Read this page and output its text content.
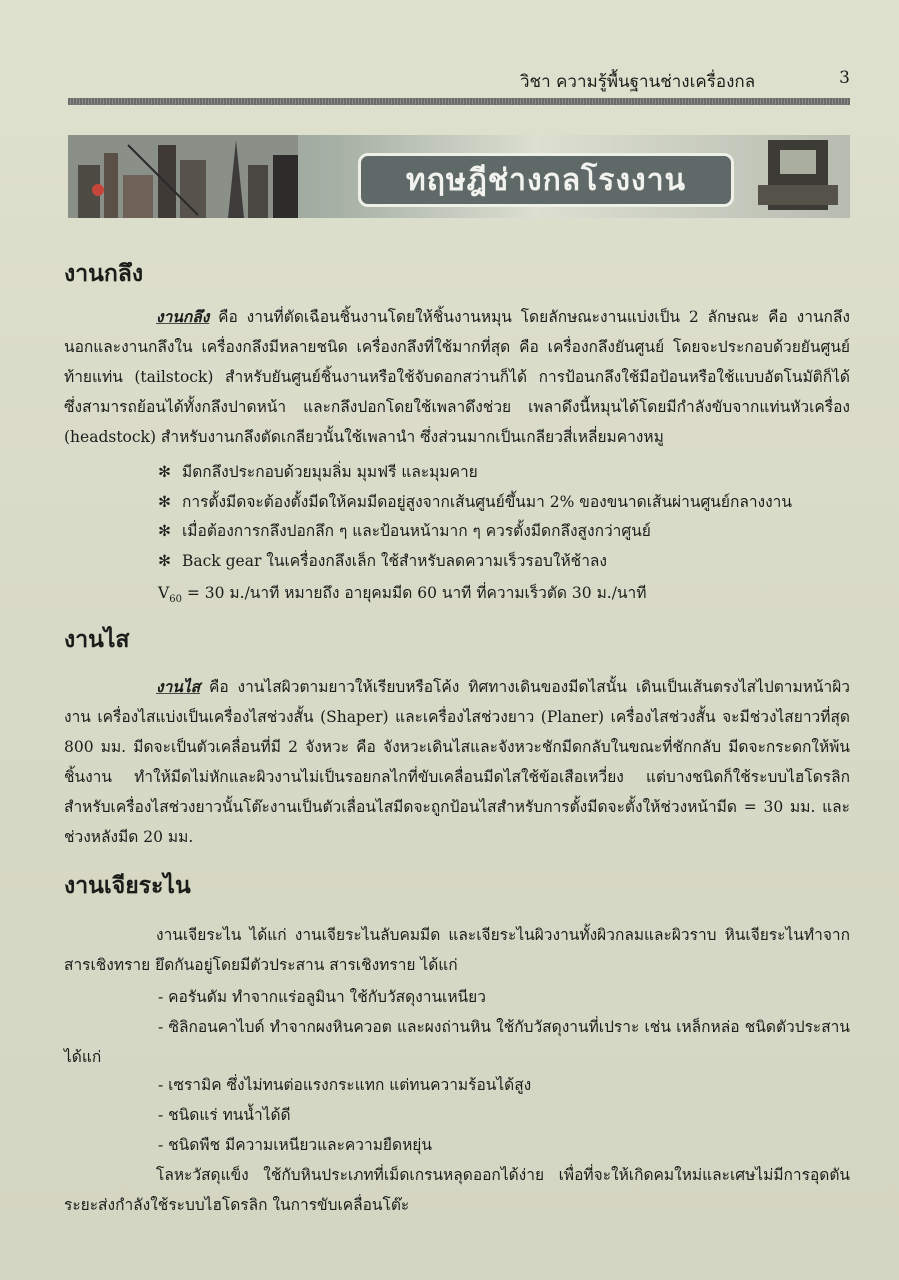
วิชา ความรู้พื้นฐานช่างเครื่องกล	3
ทฤษฎีช่างกลโรงงาน
งานกลึง

งานกลึง คือ งานที่ตัดเฉือนชิ้นงานโดยให้ชิ้นงานหมุน โดยลักษณะงานแบ่งเป็น 2 ลักษณะ คือ งานกลึงนอกและงานกลึงใน เครื่องกลึงมีหลายชนิด เครื่องกลึงที่ใช้มากที่สุด คือ เครื่องกลึงยันศูนย์ โดยจะประกอบด้วยยันศูนย์ท้ายแท่น (tailstock) สำหรับยันศูนย์ชิ้นงานหรือใช้จับดอกสว่านก็ได้ การป้อนกลึงใช้มือป้อนหรือใช้แบบอัตโนมัติก็ได้ ซึ่งสามารถย้อนได้ทั้งกลึงปาดหน้า และกลึงปอกโดยใช้เพลาดึงช่วย เพลาดึงนี้หมุนได้โดยมีกำลังขับจากแท่นหัวเครื่อง (headstock) สำหรับงานกลึงตัดเกลียวนั้นใช้เพลานำ ซึ่งส่วนมากเป็นเกลียวสี่เหลี่ยมคางหมู

✻ มีดกลึงประกอบด้วยมุมลิ่ม มุมฟรี และมุมคาย
✻ การตั้งมีดจะต้องตั้งมีดให้คมมีดอยู่สูงจากเส้นศูนย์ขึ้นมา 2% ของขนาดเส้นผ่านศูนย์กลางงาน
✻ เมื่อต้องการกลึงปอกลึก ๆ และป้อนหน้ามาก ๆ ควรตั้งมีดกลึงสูงกว่าศูนย์
✻ Back gear ในเครื่องกลึงเล็ก ใช้สำหรับลดความเร็วรอบให้ช้าลง
$V_{60} = 30$ ม./นาที หมายถึง อายุคมมีด 60 นาที ที่ความเร็วตัด 30 ม./นาที
งานไส

งานไส คือ งานไสผิวตามยาวให้เรียบหรือโค้ง ทิศทางเดินของมีดไสนั้น เดินเป็นเส้นตรงไสไปตามหน้าผิวงาน เครื่องไสแบ่งเป็นเครื่องไสช่วงสั้น (Shaper) และเครื่องไสช่วงยาว (Planer) เครื่องไสช่วงสั้น จะมีช่วงไสยาวที่สุด 800 มม. มีดจะเป็นตัวเคลื่อนที่มี 2 จังหวะ คือ จังหวะเดินไสและจังหวะชักมีดกลับในขณะที่ชักกลับ มีดจะกระดกให้พ้นชิ้นงาน ทำให้มีดไม่หักและผิวงานไม่เป็นรอยกลไกที่ขับเคลื่อนมีดไสใช้ข้อเสือเหวี่ยง แต่บางชนิดก็ใช้ระบบไฮโดรลิก สำหรับเครื่องไสช่วงยาวนั้นโต๊ะงานเป็นตัวเลื่อนไสมีดจะถูกป้อนไสสำหรับการตั้งมีดจะตั้งให้ช่วงหน้ามีด = 30 มม. และช่วงหลังมีด 20 มม.

งานเจียระไน

งานเจียระไน ได้แก่ งานเจียระไนลับคมมีด และเจียระไนผิวงานทั้งผิวกลมและผิวราบ หินเจียระไนทำจากสารเชิงทราย ยึดกันอยู่โดยมีตัวประสาน สารเชิงทราย ได้แก่

- คอรันดัม ทำจากแร่อลูมินา ใช้กับวัสดุงานเหนียว

- ซิลิกอนคาไบด์ ทำจากผงหินควอต และผงถ่านหิน ใช้กับวัสดุงานที่เปราะ เช่น เหล็กหล่อ ชนิดตัวประสาน ได้แก่

- เซรามิค ซึ่งไม่ทนต่อแรงกระแทก แต่ทนความร้อนได้สูง
- ชนิดแร่ ทนน้ำได้ดี
- ชนิดพืช มีความเหนียวและความยืดหยุ่น

โลหะวัสดุแข็ง ใช้กับหินประเภทที่เม็ดเกรนหลุดออกได้ง่าย เพื่อที่จะให้เกิดคมใหม่และเศษไม่มีการอุดตัน ระยะส่งกำลังใช้ระบบไฮโดรลิก ในการขับเคลื่อนโต๊ะ
